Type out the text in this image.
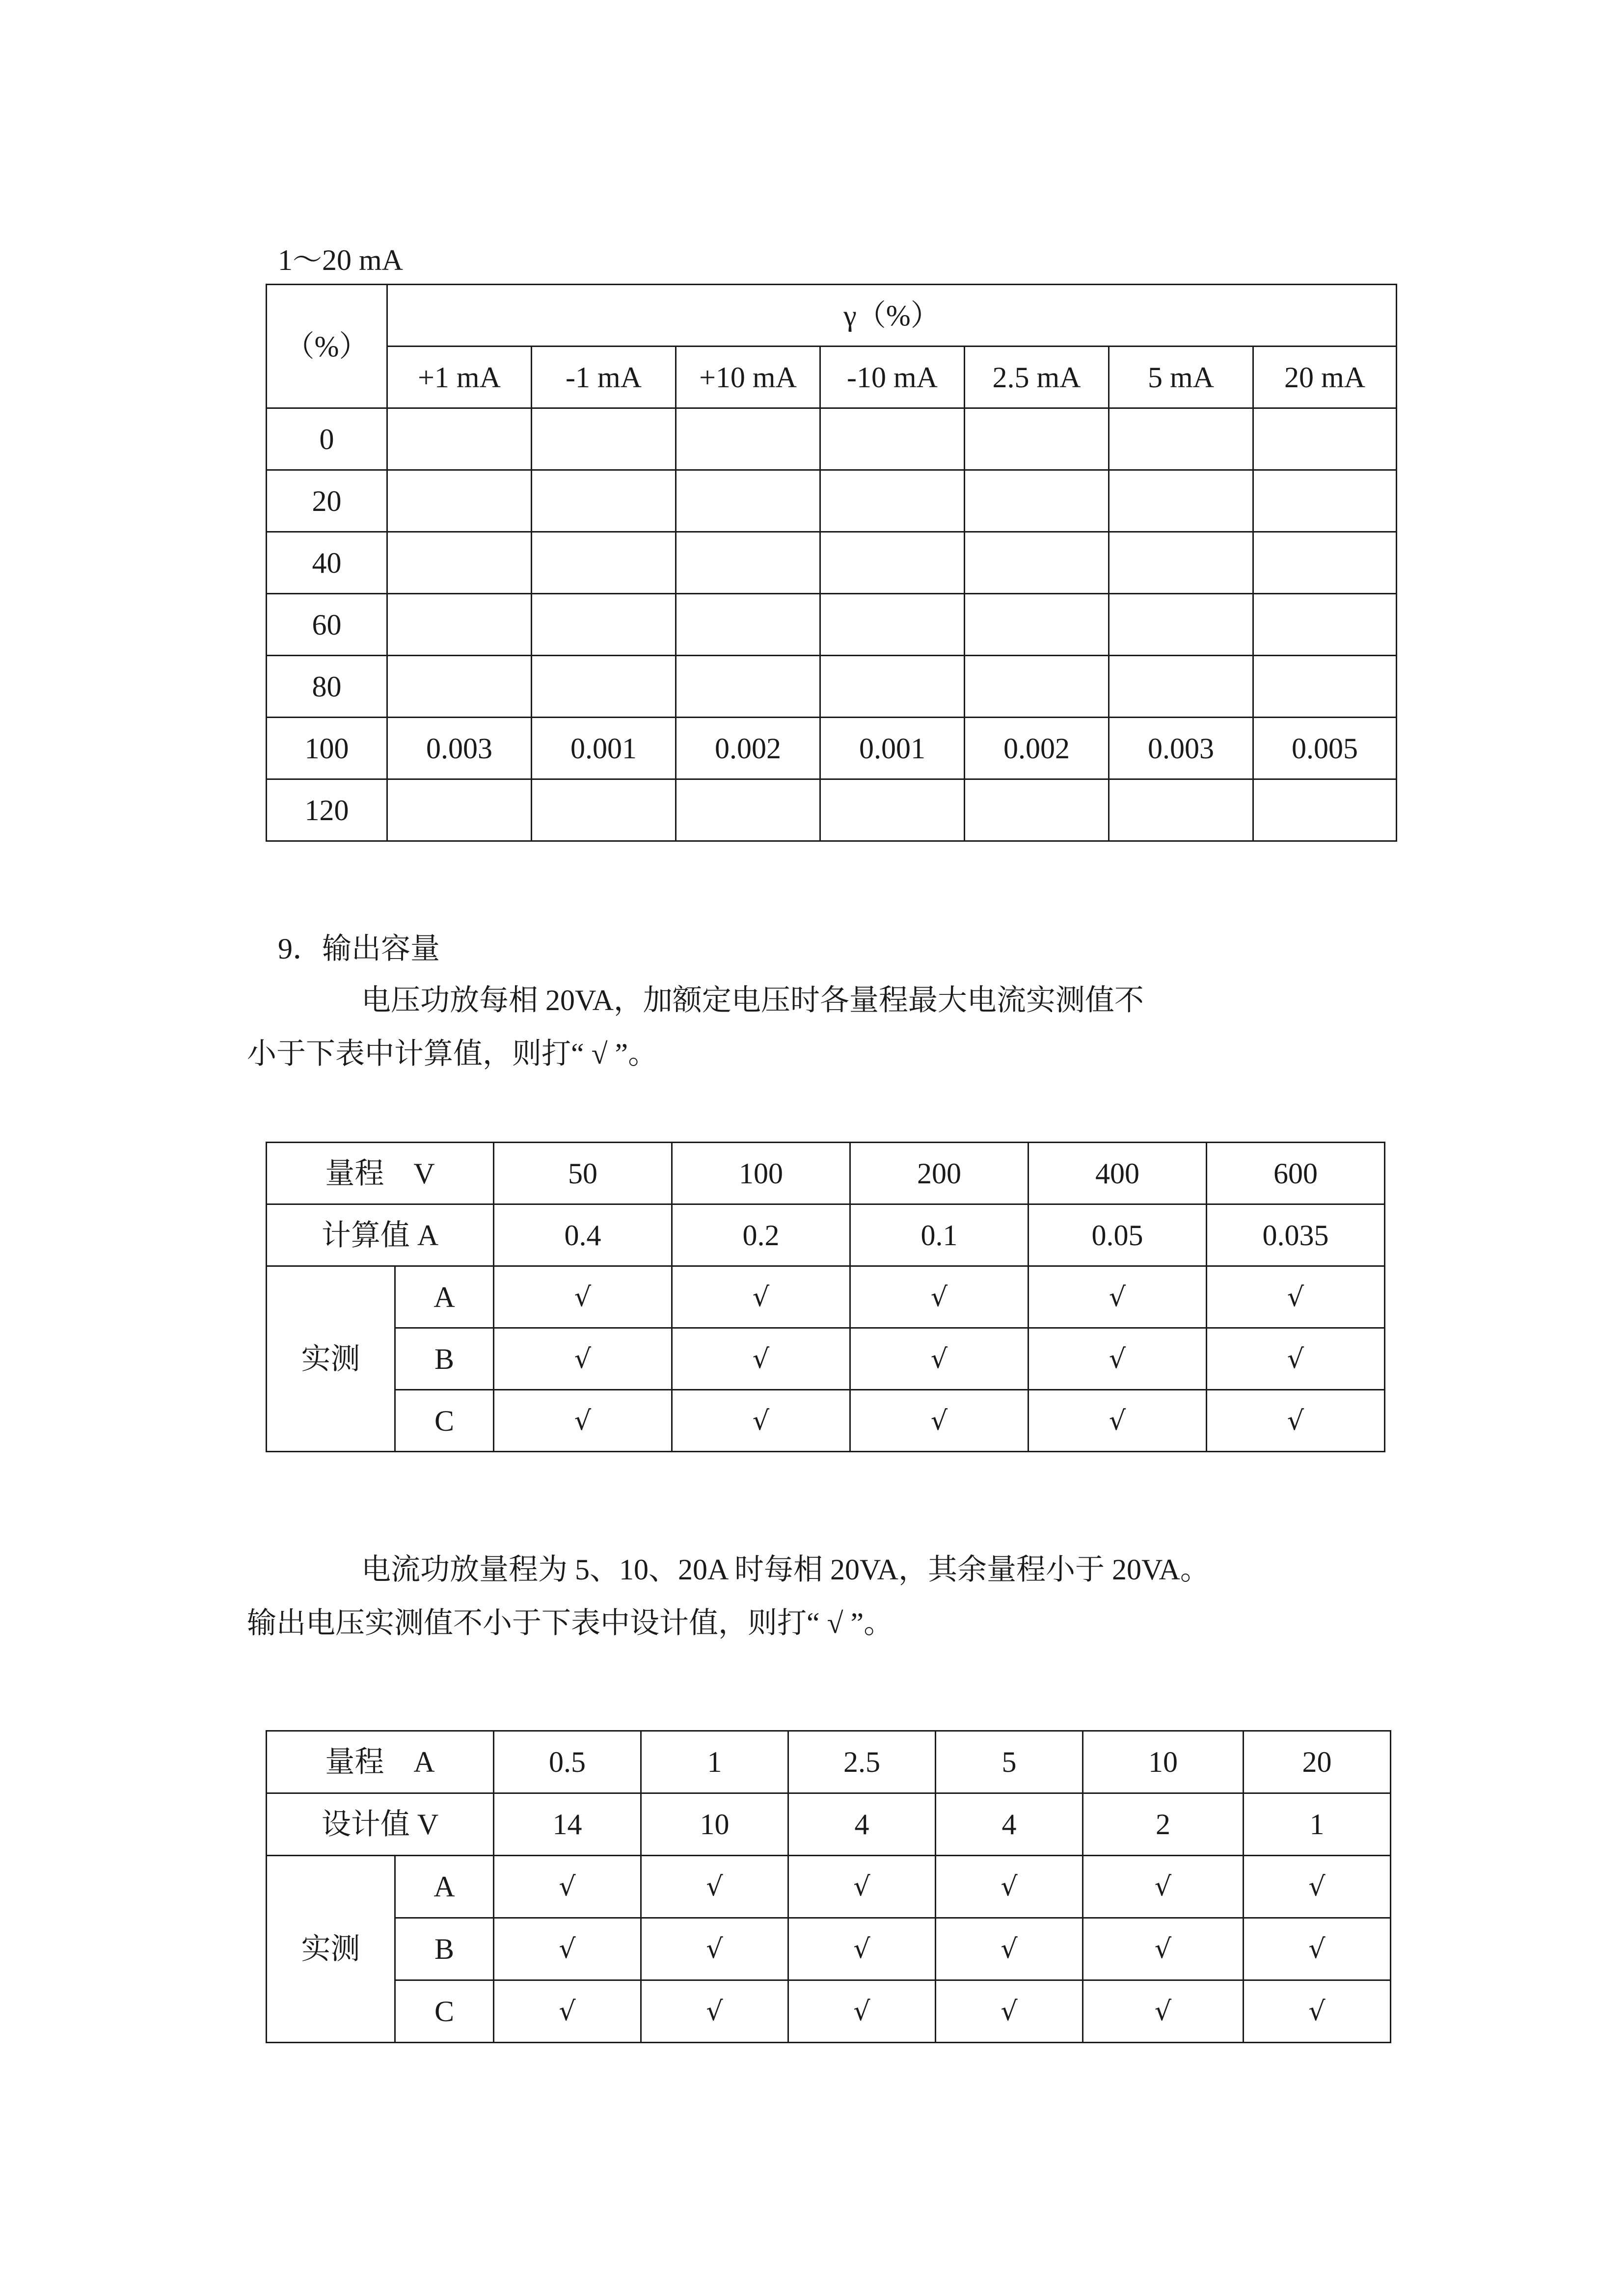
1～20 mA
（%）	γ（%）						
	+1 mA	-1 mA	+10 mA	-10 mA	2.5 mA	5 mA	20 mA
0							
20							
40							
60							
80							
100	0.003	0.001	0.002	0.001	0.002	0.003	0.005
120							
9．输出容量
电压功放每相 20VA，加额定电压时各量程最大电流实测值不
小于下表中计算值，则打“ √ ”。
量程　V		50	100	200	400	600
计算值 A		0.4	0.2	0.1	0.05	0.035
实测	A	√	√	√	√	√
	B	√	√	√	√	√
	C	√	√	√	√	√
电流功放量程为 5、10、20A 时每相 20VA，其余量程小于 20VA。
输出电压实测值不小于下表中设计值，则打“ √ ”。
量程　A		0.5	1	2.5	5	10	20
设计值 V		14	10	4	4	2	1
实测	A	√	√	√	√	√	√
	B	√	√	√	√	√	√
	C	√	√	√	√	√	√
